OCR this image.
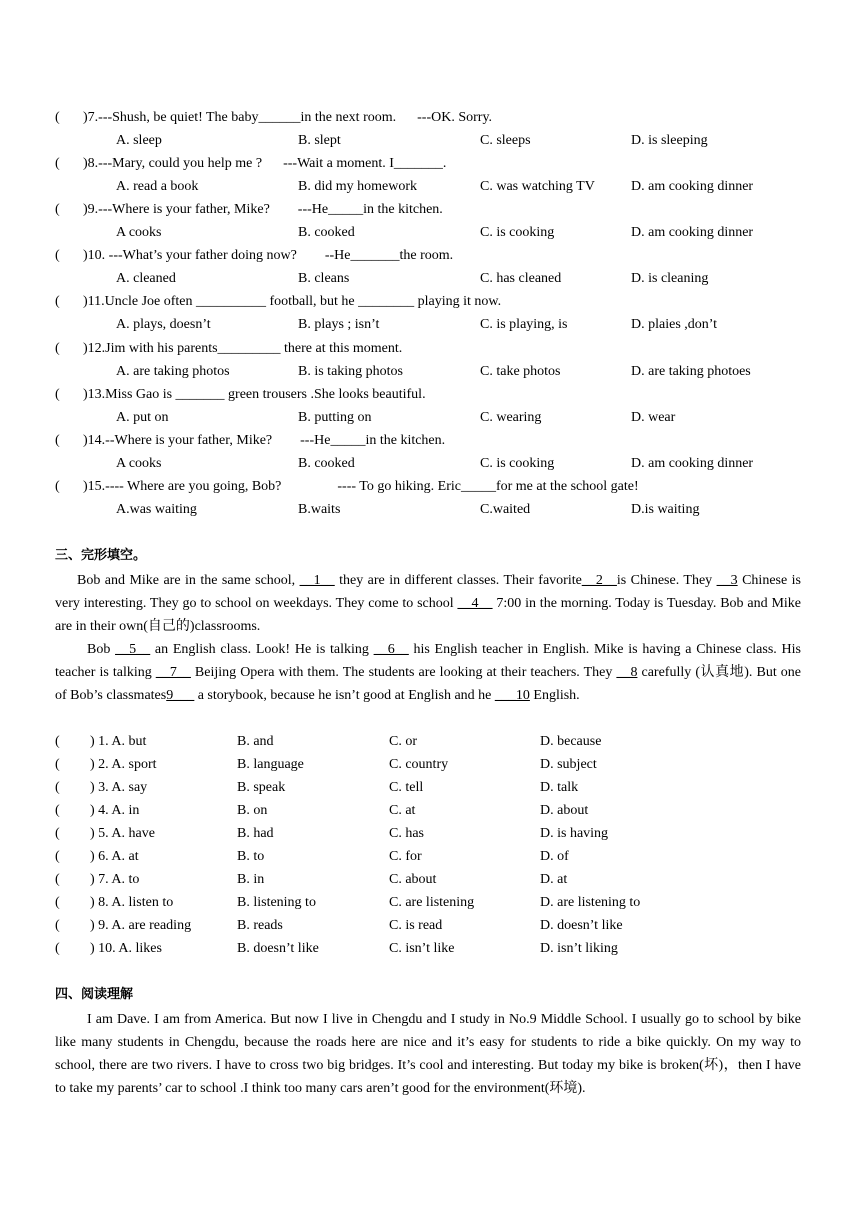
( )7.---Shush, be quiet! The baby______in the next room.      ---OK. Sorry.
A. sleep	B. slept	C. sleeps	D. is sleeping
( )8.---Mary, could you help me ?      ---Wait a moment. I_______.
A. read a book	B. did my homework	C. was watching TV	D. am cooking dinner
( )9.---Where is your father, Mike?        ---He_____in the kitchen.
A cooks	B. cooked	C. is cooking	D. am cooking dinner
( )10. ---What’s your father doing now?        --He_______the room.
A. cleaned	B. cleans	C. has cleaned	D. is cleaning
( )11.Uncle Joe often __________ football, but he ________ playing it now.
A. plays, doesn’t	B. plays ; isn’t	C. is playing, is	D. plaies ,don’t
( )12.Jim with his parents_________ there at this moment.
A. are taking photos	B. is taking photos	C. take photos	D. are taking photoes
( )13.Miss Gao is _______ green trousers .She looks beautiful.
A. put on	B. putting on	C. wearing	D. wear
( )14.--Where is your father, Mike?        ---He_____in the kitchen.
A cooks	B. cooked	C. is cooking	D. am cooking dinner
( )15.---- Where are you going, Bob?                ---- To go hiking. Eric_____for me at the school gate!
A.was waiting	B.waits	C.waited	D.is waiting
三、完形填空。

Bob and Mike are in the same school, __1__ they are in different classes. Their favorite__2__is Chinese. They __3 Chinese is very interesting. They go to school on weekdays. They come to school __4__ 7:00 in the morning. Today is Tuesday. Bob and Mike are in their own(自己的)classrooms.

Bob __5__ an English class. Look! He is talking __6__ his English teacher in English. Mike is having a Chinese class. His teacher is talking __7__ Beijing Opera with them. The students are looking at their teachers. They __8 carefully (认真地). But one of Bob’s classmates9___ a storybook, because he isn’t good at English and he ___10 English.

( ) 1. A. but	B. and	C. or	D. because
( ) 2. A. sport	B. language	C. country	D. subject
( ) 3. A. say	B. speak	C. tell	D. talk
( ) 4. A. in	B. on	C. at	D. about
( ) 5. A. have	B. had	C. has	D. is having
( ) 6. A. at	B. to	C. for	D. of
( ) 7. A. to	B. in	C. about	D. at
( ) 8. A. listen to	B. listening to	C. are listening	D. are listening to
( ) 9. A. are reading	B. reads	C. is read	D. doesn’t like
( ) 10. A. likes	B. doesn’t like	C. isn’t like	D. isn’t liking
四、阅读理解

I am Dave. I am from America. But now I live in Chengdu and I study in No.9 Middle School. I usually go to school by bike like many students in Chengdu, because the roads here are nice and it’s easy for students to ride a bike quickly. On my way to school, there are two rivers. I have to cross two big bridges. It’s cool and interesting. But today my bike is broken(坏)，then I have to take my parents’ car to school .I think too many cars aren’t good for the environment(环境).
